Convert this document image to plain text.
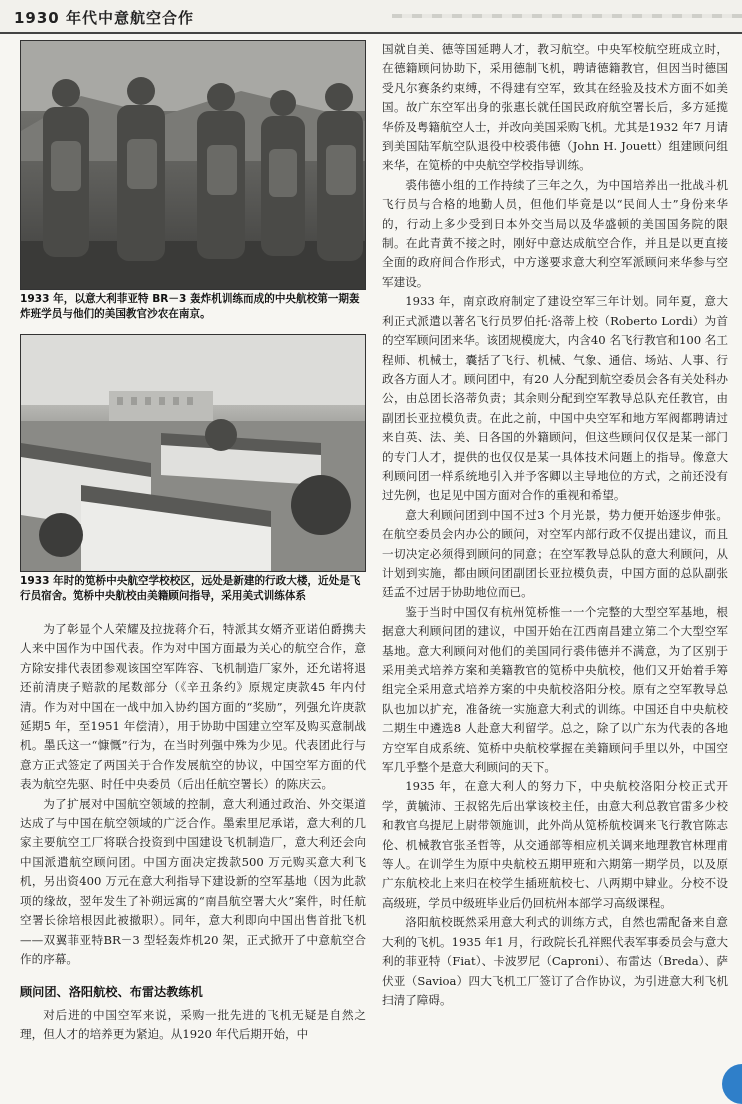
1930 年代中意航空合作
1933 年，以意大利菲亚特 BR－3 轰炸机训练而成的中央航校第一期轰炸班学员与他们的美国教官沙农在南京。
1933 年时的笕桥中央航空学校校区，远处是新建的行政大楼，近处是飞行员宿舍。笕桥中央航校由美籍顾问指导，采用美式训练体系

为了彰显个人荣耀及拉拢蒋介石，特派其女婿齐亚诺伯爵携夫人来中国作为中国代表。作为对中国方面最为关心的航空合作，意方除安排代表团参观该国空军阵容、飞机制造厂家外，还允诺将退还前清庚子赔款的尾数部分（《辛丑条约》原规定庚款45 年内付清。作为对中国在一战中加入协约国方面的“奖励”，列强允许庚款延期5 年，至1951 年偿清），用于协助中国建立空军及购买意制战机。墨氏这一“慷慨”行为，在当时列强中殊为少见。代表团此行与意方正式签定了两国关于合作发展航空的协议，中国空军方面的代表为航空先驱、时任中央委员（后出任航空署长）的陈庆云。

为了扩展对中国航空领域的控制，意大利通过政治、外交渠道达成了与中国在航空领域的广泛合作。墨索里尼承诺，意大利的几家主要航空工厂将联合投资到中国建设飞机制造厂，意大利还会向中国派遣航空顾问团。中国方面决定拨款500 万元购买意大利飞机，另出资400 万元在意大利指导下建设新的空军基地（因为此款项的缘故，翌年发生了补朔远寓的“南昌航空署大火”案件，时任航空署长徐培根因此被撤职）。同年，意大利即向中国出售首批飞机——双翼菲亚特BR－3 型轻轰炸机20 架，正式掀开了中意航空合作的序幕。

顾问团、洛阳航校、布雷达教练机

对后进的中国空军来说，采购一批先进的飞机无疑是自然之理，但人才的培养更为紧迫。从1920 年代后期开始，中

国就自美、德等国延聘人才，教习航空。中央军校航空班成立时，在德籍顾问协助下，采用德制飞机，聘请德籍教官，但因当时德国受凡尔赛条约束缚，不得建有空军，致其在经验及技术方面不如美国。故广东空军出身的张惠长就任国民政府航空署长后，多方延揽华侨及粤籍航空人士，并改向美国采购飞机。尤其是1932 年7 月请到美国陆军航空队退役中校裘伟德（John H. Jouett）组建顾问组来华，在笕桥的中央航空学校指导训练。

裘伟德小组的工作持续了三年之久，为中国培养出一批战斗机飞行员与合格的地勤人员，但他们毕竟是以“民间人士”身份来华的，行动上多少受到日本外交当局以及华盛顿的美国国务院的限制。在此青黄不接之时，刚好中意达成航空合作，并且是以更直接全面的政府间合作形式，中方遂要求意大利空军派顾问来华参与空军建设。

1933 年，南京政府制定了建设空军三年计划。同年夏，意大利正式派遣以著名飞行员罗伯托·洛蒂上校（Roberto Lordi）为首的空军顾问团来华。该团规模庞大，内含40 名飞行教官和100 名工程师、机械士，囊括了飞行、机械、气象、通信、场站、人事、行政各方面人才。顾问团中，有20 人分配到航空委员会各有关处科办公，由总团长洛蒂负责；其余则分配到空军教导总队充任教官，由副团长亚拉模负责。在此之前，中国中央空军和地方军阀都聘请过来自英、法、美、日各国的外籍顾问，但这些顾问仅仅是某一部门的专门人才，提供的也仅仅是某一具体技术问题上的指导。像意大利顾问团一样系统地引入并予客卿以主导地位的方式，之前还没有过先例，也足见中国方面对合作的重视和希望。

意大利顾问团到中国不过3 个月光景，势力便开始逐步伸张。在航空委员会内办公的顾问，对空军内部行政不仅提出建议，而且一切决定必须得到顾问的同意；在空军教导总队的意大利顾问，从计划到实施，都由顾问团副团长亚拉模负责，中国方面的总队副张廷孟不过居于协助地位而已。

鉴于当时中国仅有杭州笕桥惟一一个完整的大型空军基地，根据意大利顾问团的建议，中国开始在江西南昌建立第二个大型空军基地。意大利顾问对他们的美国同行裘伟德并不满意，为了区别于采用美式培养方案和美籍教官的笕桥中央航校，他们又开始着手筹组完全采用意式培养方案的中央航校洛阳分校。原有之空军教导总队也加以扩充，准备统一实施意大利式的训练。中国还自中央航校二期生中遴选8 人赴意大利留学。总之，除了以广东为代表的各地方空军自成系统、笕桥中央航校掌握在美籍顾问手里以外，中国空军几乎整个是意大利顾问的天下。

1935 年，在意大利人的努力下，中央航校洛阳分校正式开学，黄毓沛、王叔铭先后出掌该校主任，由意大利总教官雷多少校和教官乌提尼上尉带领施训，此外尚从笕桥航校调来飞行教官陈志伦、机械教官张圣哲等，从交通部等相应机关调来地理教官林理甫等人。在训学生为原中央航校五期甲班和六期第一期学员，以及原广东航校北上来归在校学生插班航校七、八两期中肄业。分校不设高级班，学员中级班毕业后仍回杭州本部学习高级课程。

洛阳航校既然采用意大利式的训练方式，自然也需配备来自意大利的飞机。1935 年1 月，行政院长孔祥熙代表军事委员会与意大利的菲亚特（Fiat）、卡波罗尼（Caproni）、布雷达（Breda）、萨伏亚（Savioa）四大飞机工厂签订了合作协议，为引进意大利飞机扫清了障碍。
